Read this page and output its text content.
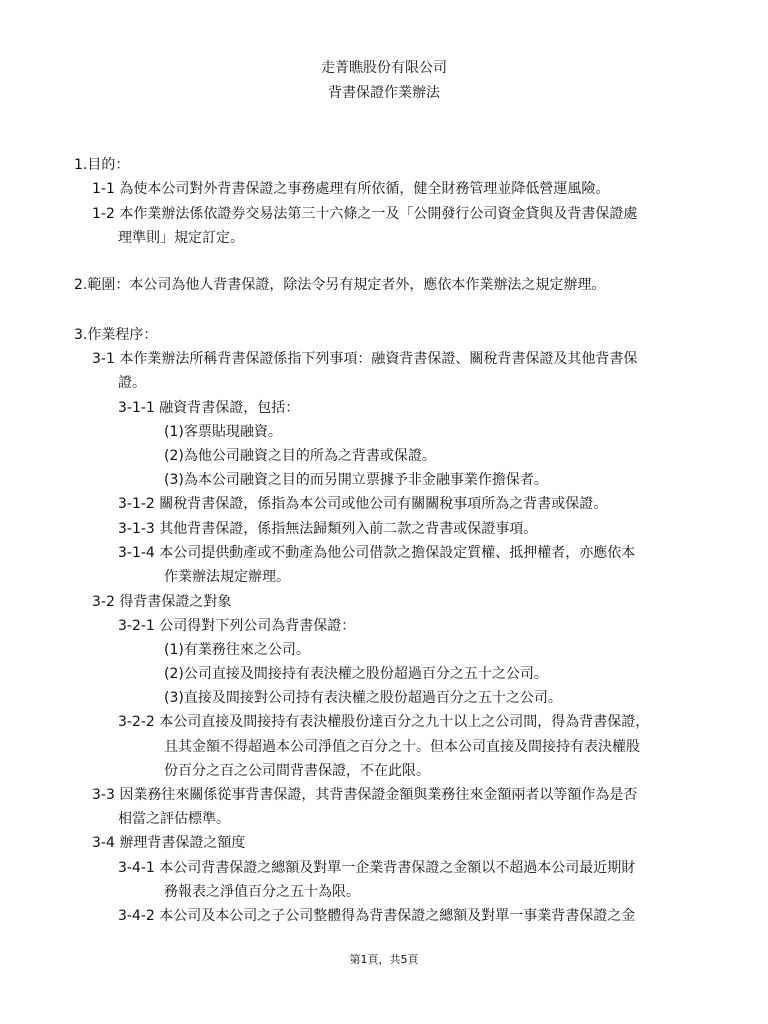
走菁瞧股份有限公司
背書保證作業辦法
1.目的：
1-1 為使本公司對外背書保證之事務處理有所依循，健全財務管理並降低營運風險。
1-2 本作業辦法係依證券交易法第三十六條之一及「公開發行公司資金貸與及背書保證處
理準則」規定訂定。
2.範圍：本公司為他人背書保證，除法令另有規定者外，應依本作業辦法之規定辦理。
3.作業程序：
3-1 本作業辦法所稱背書保證係指下列事項：融資背書保證、關稅背書保證及其他背書保
證。
3-1-1 融資背書保證，包括：
(1)客票貼現融資。
(2)為他公司融資之目的所為之背書或保證。
(3)為本公司融資之目的而另開立票據予非金融事業作擔保者。
3-1-2 關稅背書保證，係指為本公司或他公司有關關稅事項所為之背書或保證。
3-1-3 其他背書保證，係指無法歸類列入前二款之背書或保證事項。
3-1-4 本公司提供動產或不動產為他公司借款之擔保設定質權、抵押權者，亦應依本
作業辦法規定辦理。
3-2 得背書保證之對象
3-2-1 公司得對下列公司為背書保證：
(1)有業務往來之公司。
(2)公司直接及間接持有表決權之股份超過百分之五十之公司。
(3)直接及間接對公司持有表決權之股份超過百分之五十之公司。
3-2-2 本公司直接及間接持有表決權股份達百分之九十以上之公司間，得為背書保證，
且其金額不得超過本公司淨值之百分之十。但本公司直接及間接持有表決權股
份百分之百之公司間背書保證，不在此限。
3-3 因業務往來關係從事背書保證，其背書保證金額與業務往來金額兩者以等額作為是否
相當之評估標準。
3-4 辦理背書保證之額度
3-4-1 本公司背書保證之總額及對單一企業背書保證之金額以不超過本公司最近期財
務報表之淨值百分之五十為限。
3-4-2 本公司及本公司之子公司整體得為背書保證之總額及對單一事業背書保證之金
第1頁，共5頁
